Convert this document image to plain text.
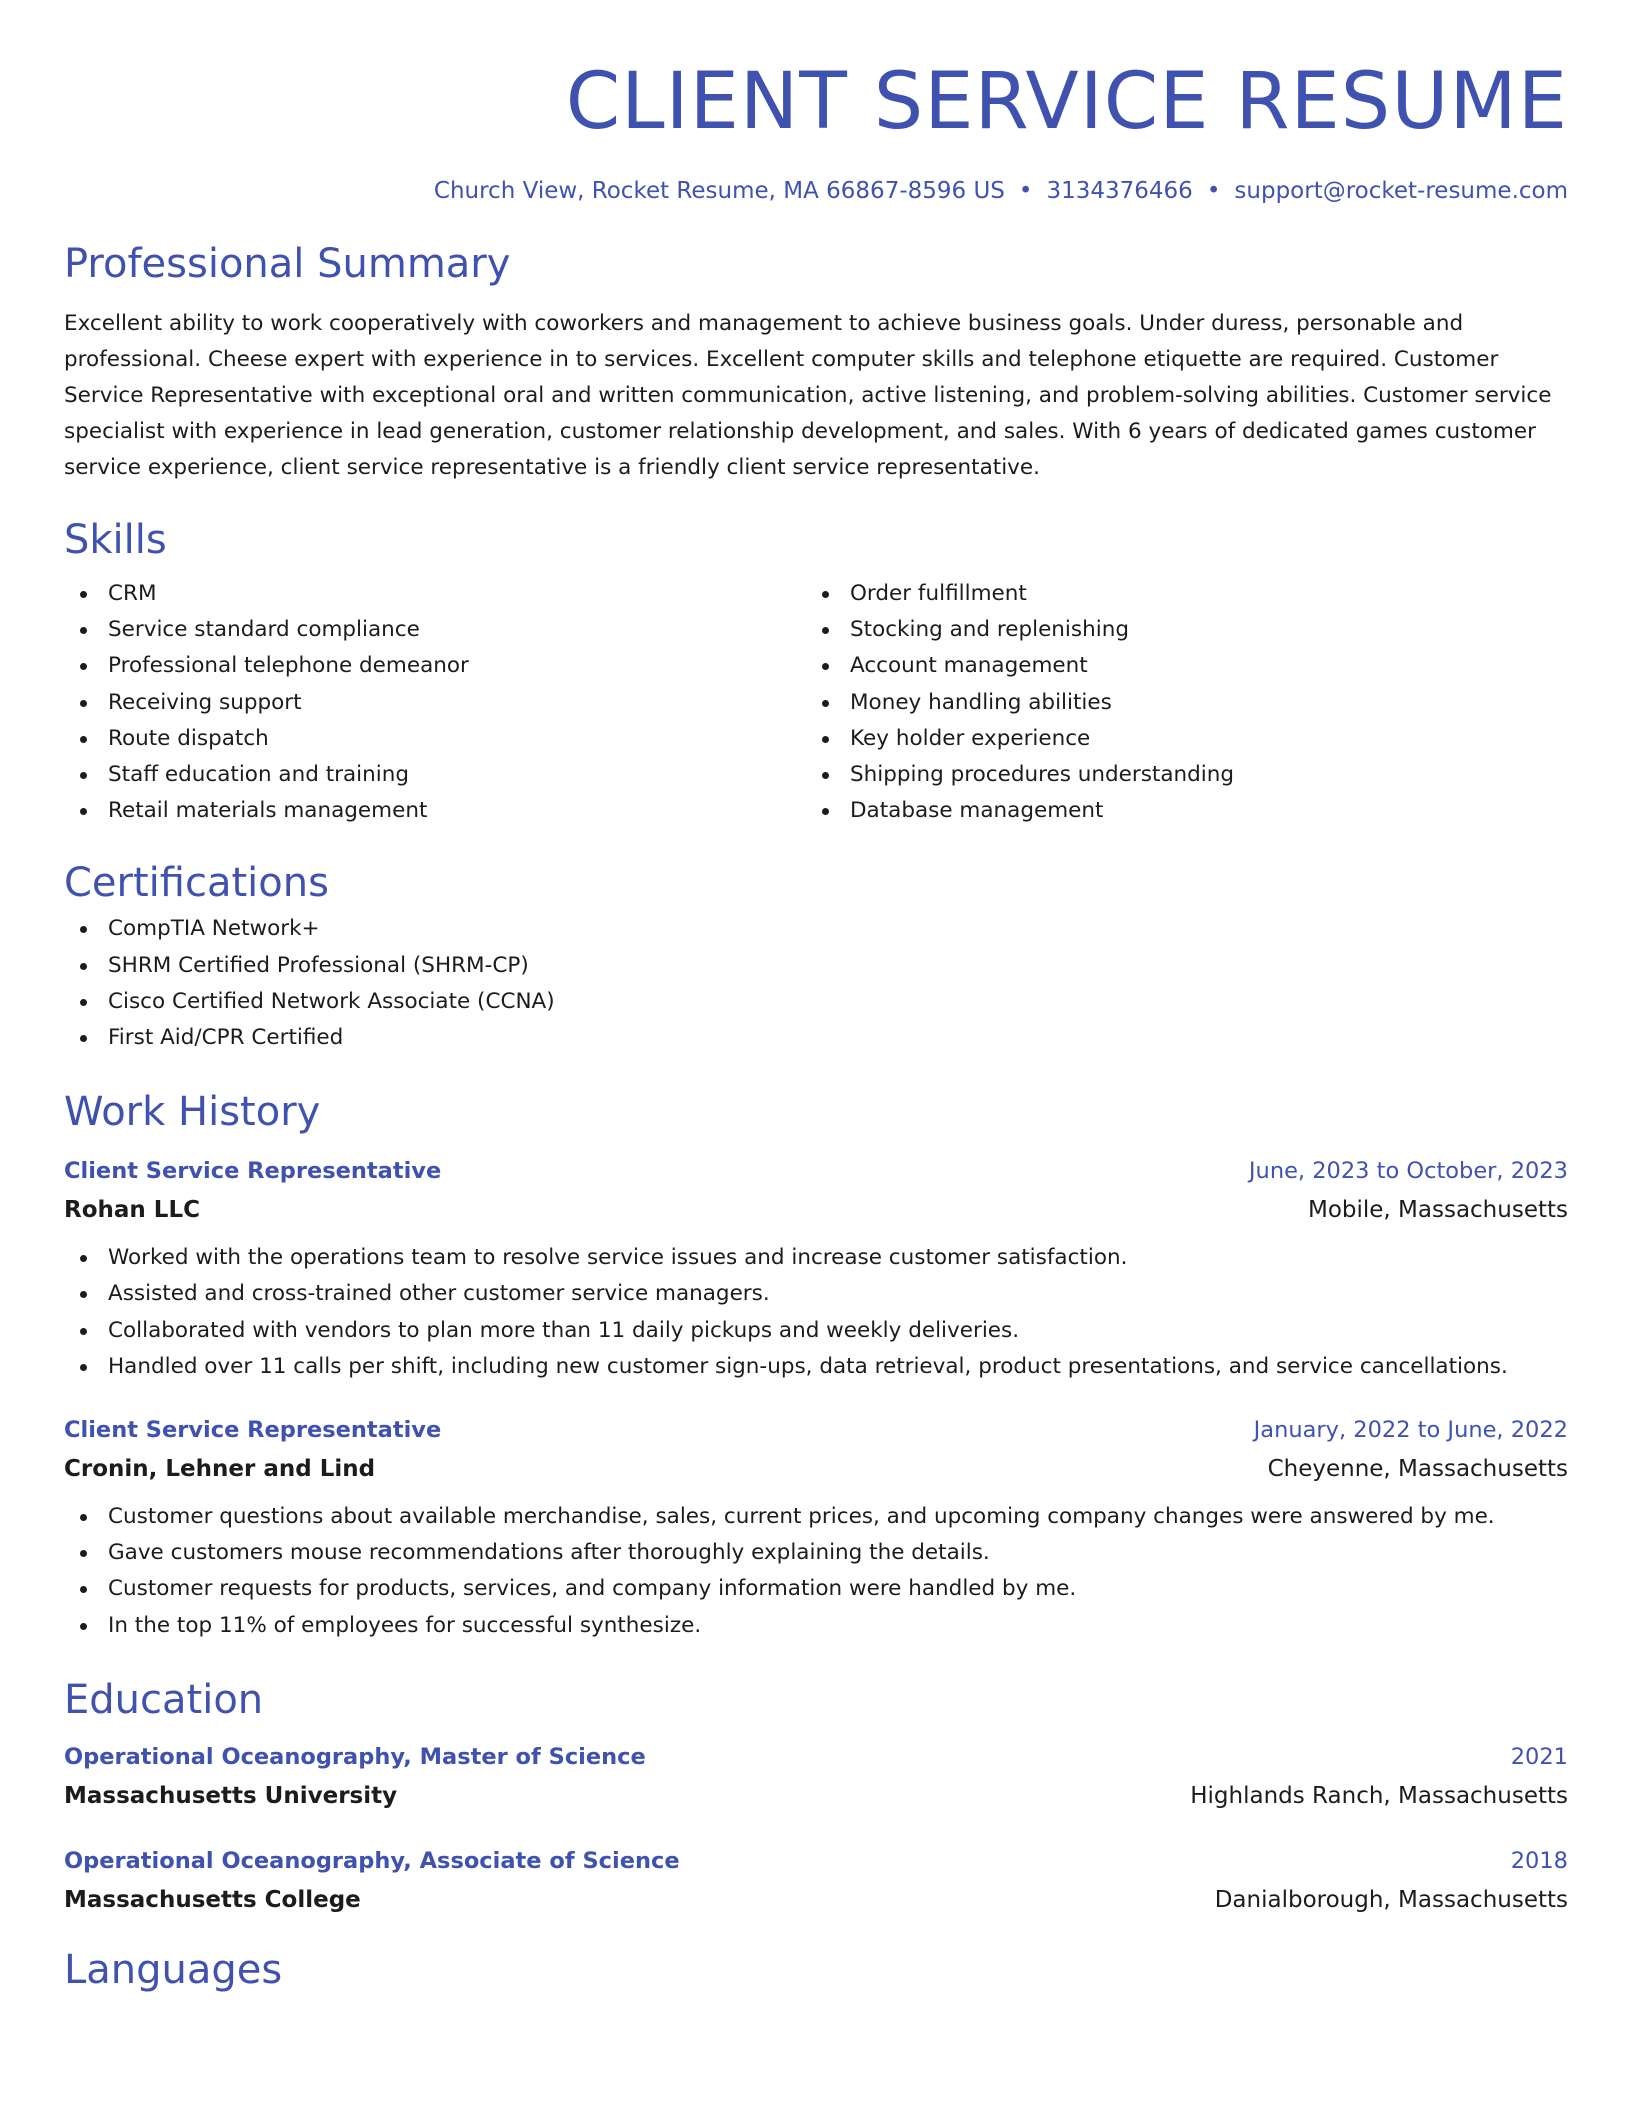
CLIENT SERVICE RESUME
Church View, Rocket Resume, MA 66867-8596 US • 3134376466 • support@rocket-resume.com
Professional Summary

Excellent ability to work cooperatively with coworkers and management to achieve business goals. Under duress, personable and professional. Cheese expert with experience in to services. Excellent computer skills and telephone etiquette are required. Customer Service Representative with exceptional oral and written communication, active listening, and problem-solving abilities. Customer service specialist with experience in lead generation, customer relationship development, and sales. With 6 years of dedicated games customer service experience, client service representative is a friendly client service representative.

Skills
CRM
Service standard compliance
Professional telephone demeanor
Receiving support
Route dispatch
Staff education and training
Retail materials management
Order fulfillment
Stocking and replenishing
Account management
Money handling abilities
Key holder experience
Shipping procedures understanding
Database management
Certifications
CompTIA Network+
SHRM Certified Professional (SHRM-CP)
Cisco Certified Network Associate (CCNA)
First Aid/CPR Certified
Work History
Client Service Representative	June, 2023 to October, 2023
Rohan LLC	Mobile, Massachusetts
Worked with the operations team to resolve service issues and increase customer satisfaction.
Assisted and cross-trained other customer service managers.
Collaborated with vendors to plan more than 11 daily pickups and weekly deliveries.
Handled over 11 calls per shift, including new customer sign-ups, data retrieval, product presentations, and service cancellations.
Client Service Representative	January, 2022 to June, 2022
Cronin, Lehner and Lind	Cheyenne, Massachusetts
Customer questions about available merchandise, sales, current prices, and upcoming company changes were answered by me.
Gave customers mouse recommendations after thoroughly explaining the details.
Customer requests for products, services, and company information were handled by me.
In the top 11% of employees for successful synthesize.
Education
Operational Oceanography, Master of Science	2021
Massachusetts University	Highlands Ranch, Massachusetts
Operational Oceanography, Associate of Science	2018
Massachusetts College	Danialborough, Massachusetts
Languages
